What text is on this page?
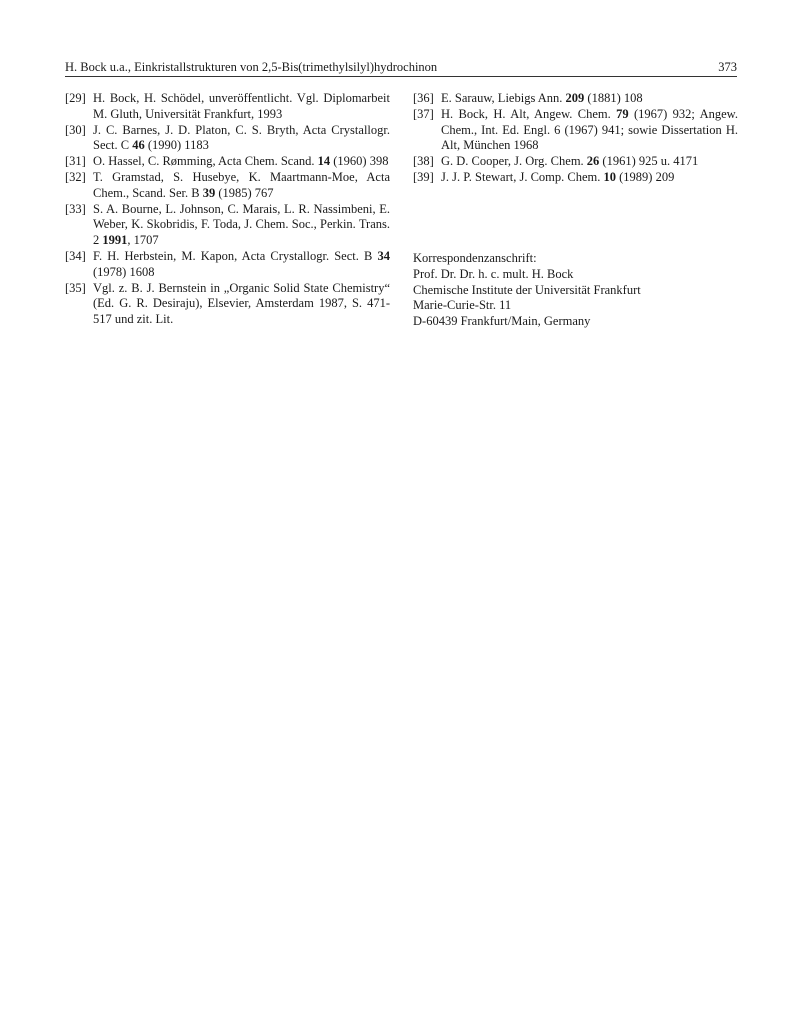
H. Bock u.a., Einkristallstrukturen von 2,5-Bis(trimethylsilyl)hydrochinon	373
[29] H. Bock, H. Schödel, unveröffentlicht. Vgl. Diplomarbeit M. Gluth, Universität Frankfurt, 1993
[30] J. C. Barnes, J. D. Platon, C. S. Bryth, Acta Crystallogr. Sect. C 46 (1990) 1183
[31] O. Hassel, C. Rømming, Acta Chem. Scand. 14 (1960) 398
[32] T. Gramstad, S. Husebye, K. Maartmann-Moe, Acta Chem., Scand. Ser. B 39 (1985) 767
[33] S. A. Bourne, L. Johnson, C. Marais, L. R. Nassimbeni, E. Weber, K. Skobridis, F. Toda, J. Chem. Soc., Perkin. Trans. 2 1991, 1707
[34] F. H. Herbstein, M. Kapon, Acta Crystallogr. Sect. B 34 (1978) 1608
[35] Vgl. z. B. J. Bernstein in „Organic Solid State Chemistry“ (Ed. G. R. Desiraju), Elsevier, Amsterdam 1987, S. 471-517 und zit. Lit.
[36] E. Sarauw, Liebigs Ann. 209 (1881) 108
[37] H. Bock, H. Alt, Angew. Chem. 79 (1967) 932; Angew. Chem., Int. Ed. Engl. 6 (1967) 941; sowie Dissertation H. Alt, München 1968
[38] G. D. Cooper, J. Org. Chem. 26 (1961) 925 u. 4171
[39] J. J. P. Stewart, J. Comp. Chem. 10 (1989) 209
Korrespondenzanschrift:
Prof. Dr. Dr. h. c. mult. H. Bock
Chemische Institute der Universität Frankfurt
Marie-Curie-Str. 11
D-60439 Frankfurt/Main, Germany
